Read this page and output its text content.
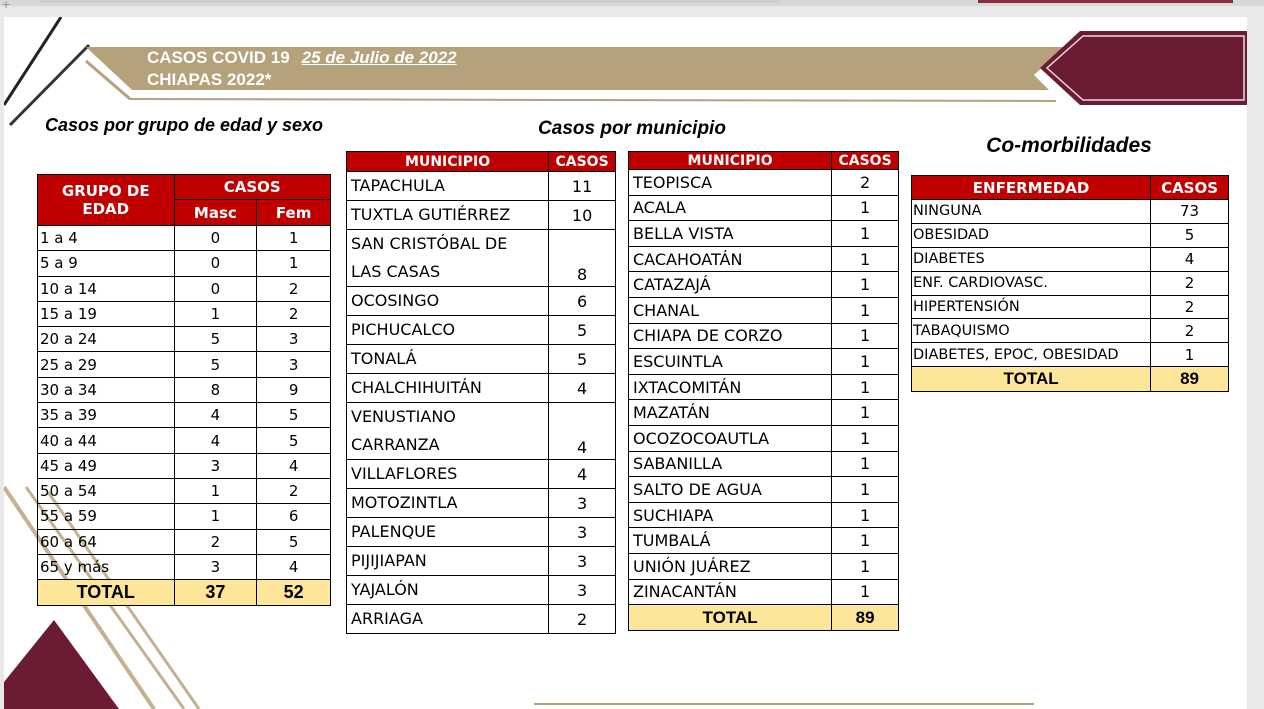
+
CASOS COVID 19 25 de Julio de 2022
CHIAPAS 2022*
Casos por grupo de edad y sexo	Casos por municipio
Co-morbilidades
GRUPO DE EDAD	CASOS	
	Masc	Fem
1 a 4	0	1
5 a 9	0	1
10 a 14	0	2
15 a 19	1	2
20 a 24	5	3
25 a 29	5	3
30 a 34	8	9
35 a 39	4	5
40 a 44	4	5
45 a 49	3	4
50 a 54	1	2
55 a 59	1	6
60 a 64	2	5
65 y más	3	4
TOTAL	37	52
MUNICIPIO	CASOS

TAPACHULA	11

TUXTLA GUTIÉRREZ	10

SAN CRISTÓBAL DE
LAS CASAS	8

OCOSINGO	6

PICHUCALCO	5

TONALÁ	5

CHALCHIHUITÁN	4

VENUSTIANO
CARRANZA	4

VILLAFLORES	4

MOTOZINTLA	3

PALENQUE	3

PIJIJIAPAN	3

YAJALÓN	3

ARRIAGA	2
MUNICIPIO	CASOS
TEOPISCA	2
ACALA	1
BELLA VISTA	1
CACAHOATÁN	1
CATAZAJÁ	1
CHANAL	1
CHIAPA DE CORZO	1
ESCUINTLA	1
IXTACOMITÁN	1
MAZATÁN	1
OCOZOCOAUTLA	1
SABANILLA	1
SALTO DE AGUA	1
SUCHIAPA	1
TUMBALÁ	1
UNIÓN JUÁREZ	1
ZINACANTÁN	1
TOTAL	89
ENFERMEDAD	CASOS
NINGUNA	73
OBESIDAD	5
DIABETES	4
ENF. CARDIOVASC.	2
HIPERTENSIÓN	2
TABAQUISMO	2
DIABETES, EPOC, OBESIDAD	1
TOTAL	89
